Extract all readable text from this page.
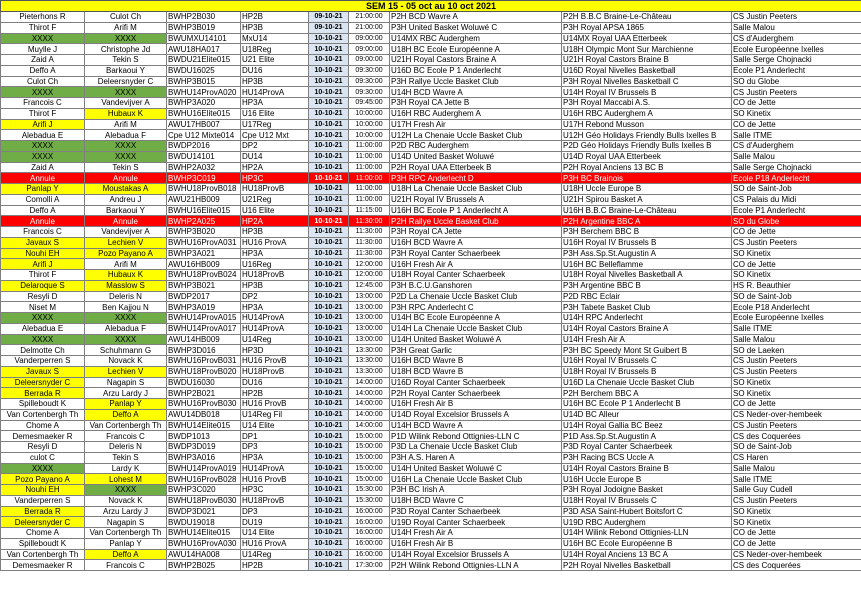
SEM 15 - 05 oct au 10 oct 2021								
Pieterhons R	Culot Ch	BWHP2B030	HP2B	09-10-21	21:00:00	P2H BCD Wavre A	P2H B.B.C Braine-Le-Château	CS Justin Peeters
Thirot F	Arifi M	BWHP3B019	HP3B	09-10-21	21:00:00	P3H United Basket Woluwé C	P3H Royal APSA 1865	Salle Malou
XXXX	XXXX	BWUMXU14101	MxU14	10-10-21	09:00:00	U14MX RBC Auderghem	U14MX Royal UAA Etterbeek	CS d'Auderghem
Muylle J	Christophe Jd	AWU18HA017	U18Reg	10-10-21	09:00:00	U18H BC Ecole Européenne A	U18H Olympic Mont Sur Marchienne	Ecole Européenne Ixelles
Zaid A	Tekin S	BWDU21Elite015	U21 Elite	10-10-21	09:00:00	U21H Royal Castors Braine A	U21H Royal Castors Braine B	Salle Serge Chojnacki
Deffo A	Barkaoui Y	BWDU16025	DU16	10-10-21	09:30:00	U16D BC Ecole P 1 Anderlecht	U16D Royal Nivelles Basketball	Ecole P1 Anderlecht
Culot Ch	Deleersnyder C	BWHP3B015	HP3B	10-10-21	09:30:00	P3H Rallye Uccle Basket Club	P3H Royal Nivelles Basketball C	SO du Globe
XXXX	XXXX	BWHU14ProvA020	HU14ProvA	10-10-21	09:30:00	U14H BCD Wavre A	U14H Royal IV Brussels B	CS Justin Peeters
Francois C	Vandevijver A	BWHP3A020	HP3A	10-10-21	09:45:00	P3H Royal CA Jette B	P3H Royal Maccabi A.S.	CO de Jette
Thirot F	Hubaux K	BWHU16Elite015	U16 Elite	10-10-21	10:00:00	U16H RBC Auderghem A	U16H RBC Auderghem A	SO Kinetix
Arifi J	Arifi M	AWU17HB007	U17Reg	10-10-21	10:00:00	U17H Fresh Air	U17H Rebond Musson	CO de Jette
Alebadua E	Alebadua F	Cpe U12 Mixte014	Cpe U12 Mxt	10-10-21	10:00:00	U12H La Chenaie Uccle Basket Club	U12H Géo Holidays Friendly Bulls Ixelles B	Salle ITME
XXXX	XXXX	BWDP2016	DP2	10-10-21	11:00:00	P2D RBC Auderghem	P2D Géo Holidays Friendly Bulls Ixelles B	CS d'Auderghem
XXXX	XXXX	BWDU14101	DU14	10-10-21	11:00:00	U14D United Basket Woluwé	U14D Royal UAA Etterbeek	Salle Malou
Zaid A	Tekin S	BWHP2A032	HP2A	10-10-21	11:00:00	P2H Royal UAA Etterbeek B	P2H Royal Anciens 13 BC B	Salle Serge Chojnacki
Annule	Annule	BWHP3C019	HP3C	10-10-21	11:00:00	P3H RPC Anderlecht D	P3H BC Brainois	Ecole P18 Anderlecht
Panlap Y	Moustakas A	BWHU18ProvB018	HU18ProvB	10-10-21	11:00:00	U18H La Chenaie Uccle Basket Club	U18H Uccle Europe B	SO de Saint-Job
Comolli A	Andreu J	AWU21HB009	U21Reg	10-10-21	11:00:00	U21H Royal IV Brussels A	U21H Spirou Basket A	CS Palais du Midi
Deffo A	Barkaoui Y	BWHU16Elite015	U16 Elite	10-10-21	11:15:00	U16H BC Ecole P 1 Anderlecht A	U16H B.B.C Braine-Le-Château	Ecole P1 Anderlecht
Annule	Annule	BWHP2A025	HP2A	10-10-21	11:30:00	P2H Rallye Uccle Basket Club	P2H Argentine BBC A	SO du Globe
Francois C	Vandevijver A	BWHP3B020	HP3B	10-10-21	11:30:00	P3H Royal CA Jette	P3H Berchem BBC B	CO de Jette
Javaux S	Lechien V	BWHU16ProvA031	HU16 ProvA	10-10-21	11:30:00	U16H BCD Wavre A	U16H Royal IV Brussels B	CS Justin Peeters
Nouhi EH	Pozo Payano A	BWHP3A021	HP3A	10-10-21	11:30:00	P3H Royal Canter Schaerbeek	P3H Ass.Sp.St.Augustin A	SO Kinetix
Arifi J	Arifi M	AWU16HB009	U16Reg	10-10-21	12:00:00	U16H Fresh Air A	U16H BC Belleflamme	CO de Jette
Thirot F	Hubaux K	BWHU18ProvB024	HU18ProvB	10-10-21	12:00:00	U18H Royal Canter Schaerbeek	U18H Royal Nivelles Basketball A	SO Kinetix
Delaroque S	Masslow S	BWHP3B021	HP3B	10-10-21	12:45:00	P3H B.C.U.Ganshoren	P3H Argentine BBC B	HS R. Beauthier
Resyli D	Deleris N	BWDP2017	DP2	10-10-21	13:00:00	P2D La Chenaie Uccle Basket Club	P2D RBC Eclair	SO de Saint-Job
Niset M	Ben Kajjou N	BWHP3A019	HP3A	10-10-21	13:00:00	P3H RPC Anderlecht C	P3H Tabete Basket Club	Ecole P18 Anderlecht
XXXX	XXXX	BWHU14ProvA015	HU14ProvA	10-10-21	13:00:00	U14H BC Ecole Européenne A	U14H RPC Anderlecht	Ecole Européenne Ixelles
Alebadua E	Alebadua F	BWHU14ProvA017	HU14ProvA	10-10-21	13:00:00	U14H La Chenaie Uccle Basket Club	U14H Royal Castors Braine A	Salle ITME
XXXX	XXXX	AWU14HB009	U14Reg	10-10-21	13:00:00	U14H United Basket Woluwé A	U14H Fresh Air A	Salle Malou
Delmotte Ch	Schuhmann G	BWHP3D016	HP3D	10-10-21	13:30:00	P3H Great Garlic	P3H BC Speedy Mont St Guibert B	SO de Laeken
Vanderperren S	Novack K	BWHU16ProvB031	HU16 ProvB	10-10-21	13:30:00	U16H BCD Wavre B	U16H Royal IV Brussels C	CS Justin Peeters
Javaux S	Lechien V	BWHU18ProvB020	HU18ProvB	10-10-21	13:30:00	U18H BCD Wavre B	U18H Royal IV Brussels B	CS Justin Peeters
Deleersnyder C	Nagapin S	BWDU16030	DU16	10-10-21	14:00:00	U16D Royal Canter Schaerbeek	U16D La Chenaie Uccle Basket Club	SO Kinetix
Berrada R	Arzu Lardy J	BWHP2B021	HP2B	10-10-21	14:00:00	P2H Royal Canter Schaerbeek	P2H Berchem BBC A	SO Kinetix
Spilleboudt K	Panlap Y	BWHU16ProvB030	HU16 ProvB	10-10-21	14:00:00	U16H Fresh Air B	U16H BC Ecole P 1 Anderlecht B	CO de Jette
Van Cortenbergh Th	Deffo A	AWU14DB018	U14Reg Fil	10-10-21	14:00:00	U14D Royal Excelsior Brussels A	U14D BC Alleur	CS Neder-over-hembeek
Chome A	Van Cortenbergh Th	BWHU14Elite015	U14 Elite	10-10-21	14:00:00	U14H BCD Wavre A	U14H Royal Gallia BC Beez	CS Justin Peeters
Demesmaeker R	Francois C	BWDP1013	DP1	10-10-21	15:00:00	P1D Wilink Rebond Ottignies-LLN C	P1D Ass.Sp.St.Augustin A	CS des Coquerées
Resyli D	Deleris N	BWDP3D019	DP3	10-10-21	15:00:00	P3D La Chenaie Uccle Basket Club	P3D Royal Canter Schaerbeek	SO de Saint-Job
culot C	Tekin S	BWHP3A016	HP3A	10-10-21	15:00:00	P3H A.S. Haren A	P3H Racing BCS Uccle A	CS Haren
XXXX	Lardy K	BWHU14ProvA019	HU14ProvA	10-10-21	15:00:00	U14H United Basket Woluwé C	U14H Royal Castors Braine B	Salle Malou
Pozo Payano A	Lohest M	BWHU16ProvB028	HU16 ProvB	10-10-21	15:00:00	U16H La Chenaie Uccle Basket Club	U16H Uccle Europe B	Salle ITME
Nouhi EH	XXXX	BWHP3C020	HP3C	10-10-21	15:30:00	P3H BC Irish A	P3H Royal Jodoigne Basket	Salle Guy Cudell
Vanderperren S	Novack K	BWHU18ProvB030	HU18ProvB	10-10-21	15:30:00	U18H BCD Wavre C	U18H Royal IV Brussels C	CS Justin Peeters
Berrada R	Arzu Lardy J	BWDP3D021	DP3	10-10-21	16:00:00	P3D Royal Canter Schaerbeek	P3D ASA Saint-Hubert Boitsfort C	SO Kinetix
Deleersnyder C	Nagapin S	BWDU19018	DU19	10-10-21	16:00:00	U19D Royal Canter Schaerbeek	U19D RBC Auderghem	SO Kinetix
Chome A	Van Cortenbergh Th	BWHU14Elite015	U14 Elite	10-10-21	16:00:00	U14H Fresh Air A	U14H Wilink Rebond Ottignies-LLN	CO de Jette
Spilleboudt K	Panlap Y	BWHU16ProvA030	HU16 ProvA	10-10-21	16:00:00	U16H Fresh Air B	U16H BC Ecole Européenne B	CO de Jette
Van Cortenbergh Th	Deffo A	AWU14HA008	U14Reg	10-10-21	16:00:00	U14H Royal Excelsior Brussels A	U14H Royal Anciens 13 BC A	CS Neder-over-hembeek
Demesmaeker R	Francois C	BWHP2B025	HP2B	10-10-21	17:30:00	P2H Wilink Rebond Ottignies-LLN A	P2H Royal Nivelles Basketball	CS des Coquerées
